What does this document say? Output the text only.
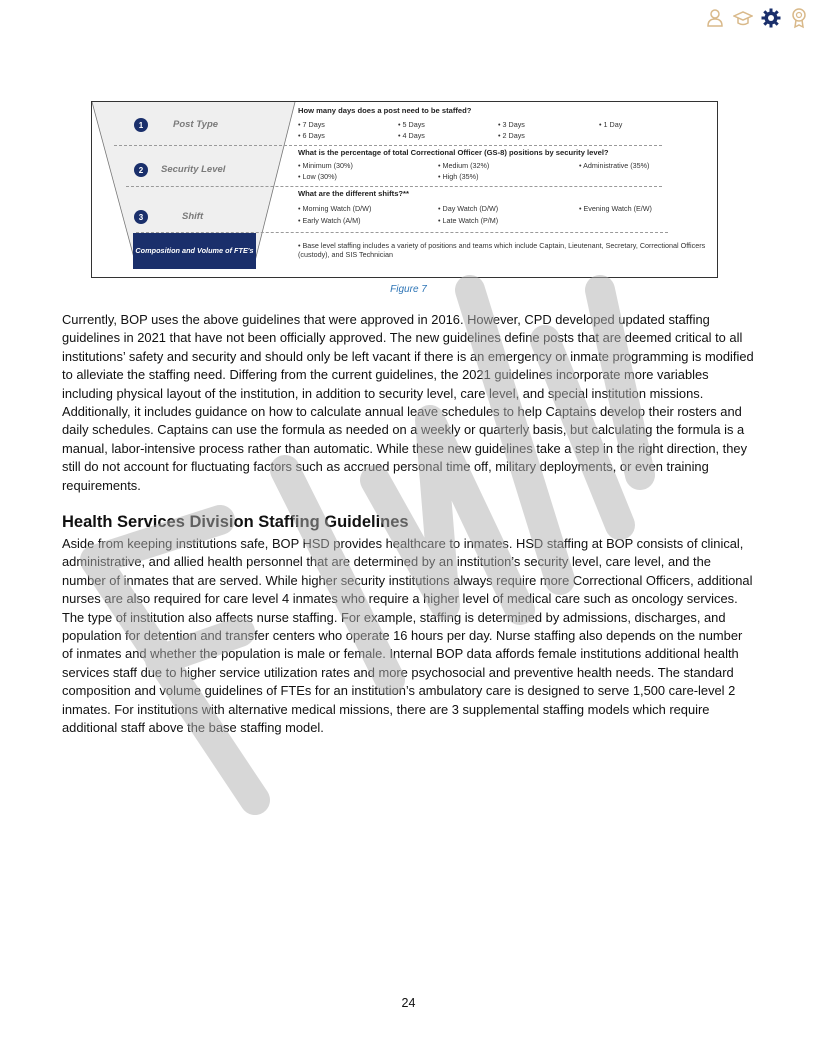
1	Post Type
How many days does a post need to be staffed?
• 7 Days	• 5 Days	• 3 Days	• 1 Day
• 6 Days	• 4 Days	• 2 Days
2	Security Level
What is the percentage of total Correctional Officer (GS-8) positions by security level?
• Minimum (30%)	• Medium (32%)	• Administrative (35%)
• Low (30%)	• High (35%)
3	Shift
What are the different shifts?**
• Morning Watch (D/W)	• Day Watch (D/W)	• Evening Watch (E/W)
• Early Watch (A/M)	• Late Watch (P/M)
Composition and Volume of FTE's
• Base level staffing includes a variety of positions and teams which include Captain, Lieutenant, Secretary, Correctional Officers (custody), and SIS Technician
Figure 7

Currently, BOP uses the above guidelines that were approved in 2016. However, CPD developed updated staffing guidelines in 2021 that have not been officially approved. The new guidelines define posts that are deemed critical to all institutions’ safety and security and should only be left vacant if there is an emergency or inmate programming is modified to alleviate the staffing need. Differing from the current guidelines, the 2021 guidelines incorporate more variables including physical layout of the institution, in addition to security level, care level, and special institution missions. Additionally, it includes guidance on how to calculate annual leave schedules to help Captains develop their rosters and daily schedules. Captains can use the formula as needed on a weekly or quarterly basis, but calculating the formula is a manual, labor-intensive process rather than automatic. While these new guidelines take a step in the right direction, they still do not account for fluctuating factors such as accrued personal time off, military deployments, or even training requirements.

Health Services Division Staffing Guidelines

Aside from keeping institutions safe, BOP HSD provides healthcare to inmates. HSD staffing at BOP consists of clinical, administrative, and allied health personnel that are determined by an institution’s security level, care level, and the number of inmates that are served. While higher security institutions always require more Correctional Officers, additional nurses are also required for care level 4 inmates who require a higher level of medical care such as oncology services. The type of institution also affects nurse staffing. For example, staffing is determined by admissions, discharges, and population for detention and transfer centers who operate 16 hours per day. Nurse staffing also depends on the number of inmates and whether the population is male or female. Internal BOP data affords female institutions additional health services staff due to higher service utilization rates and more psychosocial and preventive health needs. The standard composition and volume guidelines of FTEs for an institution’s ambulatory care is designed to serve 1,500 care-level 2 inmates. For institutions with alternative medical missions, there are 3 supplemental staffing models which require additional staff above the base staffing model.

24
